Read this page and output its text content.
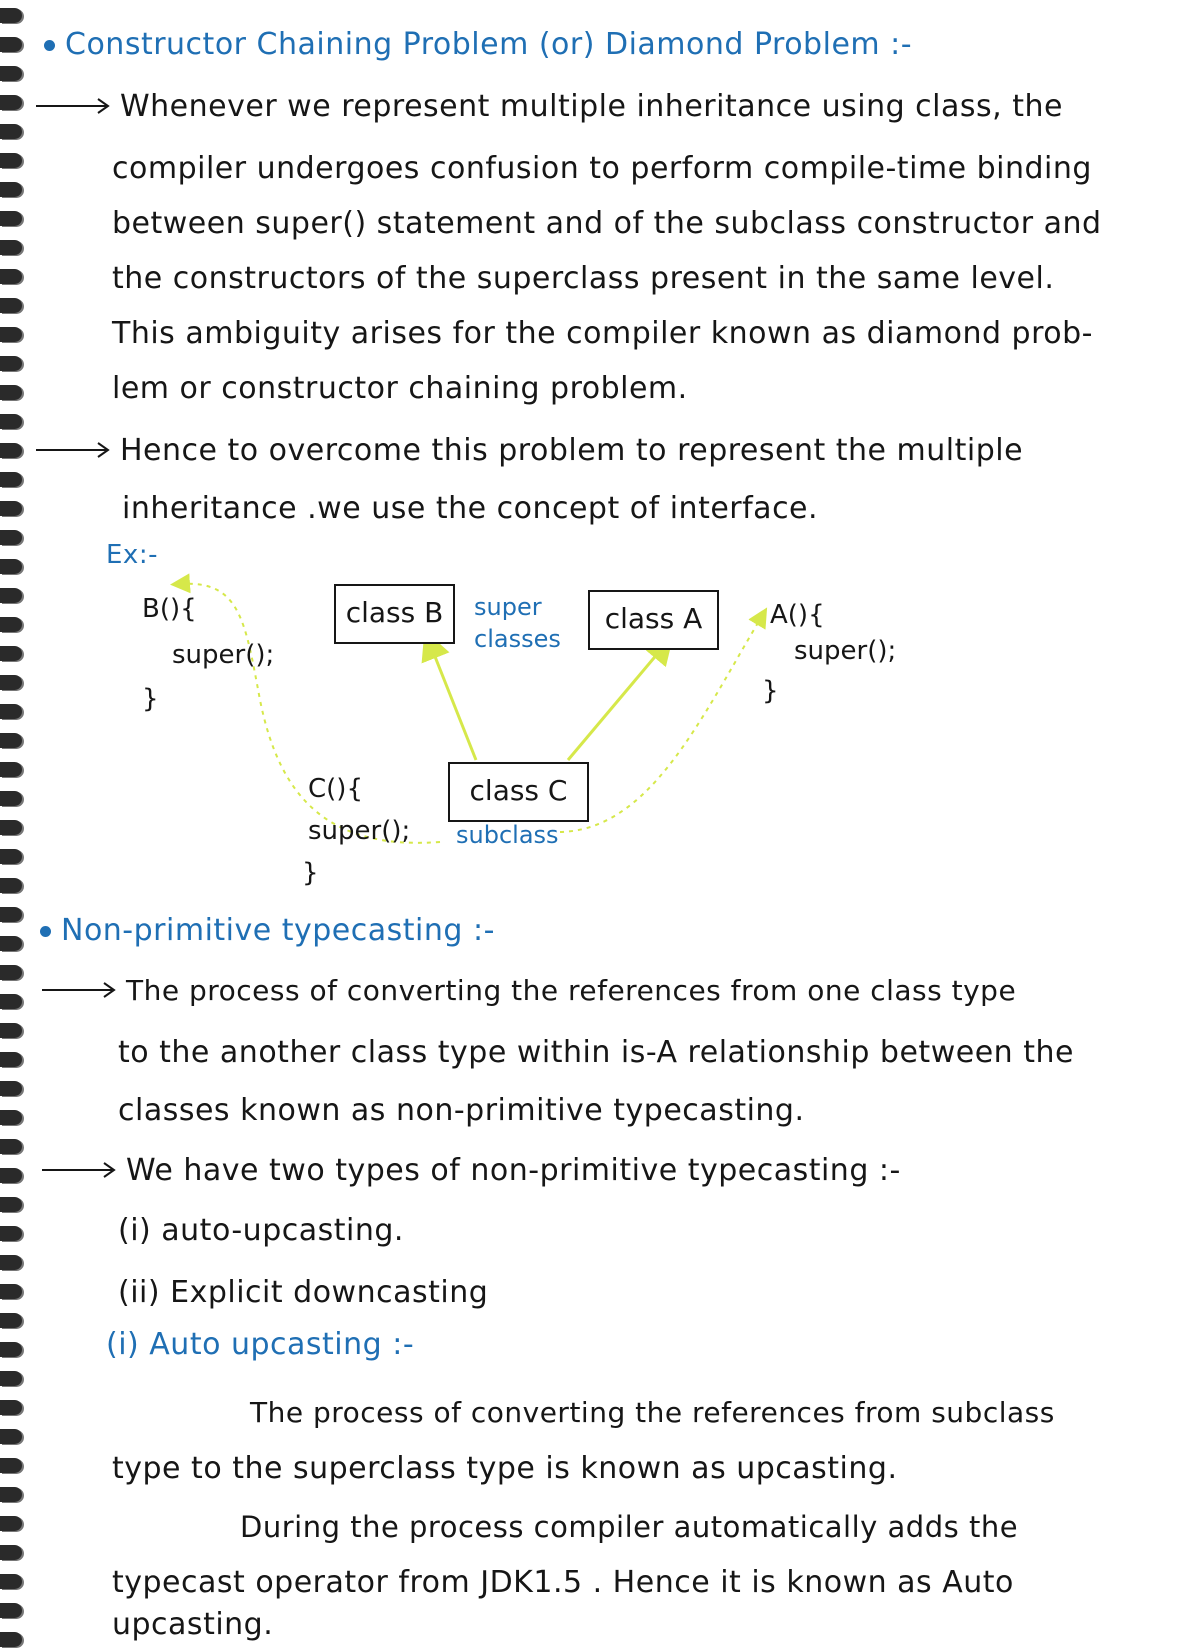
Constructor Chaining Problem (or) Diamond Problem :-
Whenever we represent multiple inheritance using class, the
compiler undergoes confusion to perform compile-time binding
between super() statement and of the subclass constructor and
the constructors of the superclass present in the same level.
This ambiguity arises for the compiler known as diamond prob-
lem or constructor chaining problem.
Hence to overcome this problem to represent the multiple
inheritance .we use the concept of interface.
Ex:-
class B	class A
class C
super
classes
subclass
B(){
super();
}
A(){
super();
}
C(){
super();
}
Non-primitive typecasting :-
The process of converting the references from one class type
to the another class type within is-A relationship between the
classes known as non-primitive typecasting.
We have two types of non-primitive typecasting :-
(i) auto-upcasting.
(ii) Explicit downcasting
(i) Auto upcasting :-
The process of converting the references from subclass
type to the superclass type is known as upcasting.
During the process compiler automatically adds the
typecast operator from JDK1.5 . Hence it is known as Auto
upcasting.
